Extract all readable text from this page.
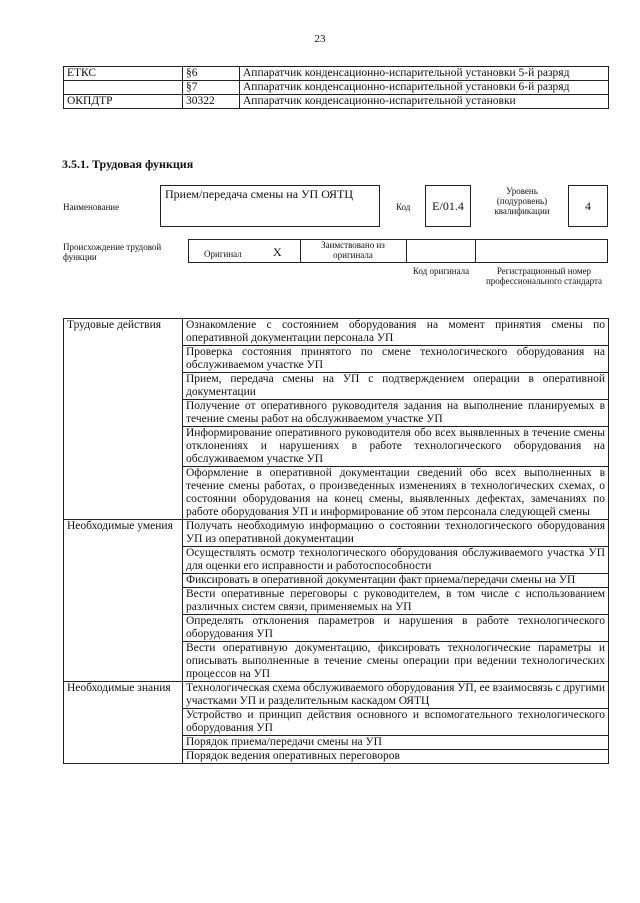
23
ЕТКС	§6	Аппаратчик конденсационно-испарительной установки 5-й разряд
	§7	Аппаратчик конденсационно-испарительной установки 6-й разряд
ОКПДТР	30322	Аппаратчик конденсационно-испарительной установки
3.5.1. Трудовая функция
Наименование
Прием/передача смены на УП ОЯТЦ
Код	E/01.4
Уровень (подуровень) квалификации	4
Происхождение трудовой функции	Оригинал	X	Заимствовано из оригинала
Код оригинала	Регистрационный номер профессионального стандарта
Трудовые действия	Ознакомление с состоянием оборудования на момент принятия смены по оперативной документации персонала УП
	Проверка состояния принятого по смене технологического оборудования на обслуживаемом участке УП
	Прием, передача смены на УП с подтверждением операции в оперативной документации
	Получение от оперативного руководителя задания на выполнение планируемых в течение смены работ на обслуживаемом участке УП
	Информирование оперативного руководителя обо всех выявленных в течение смены отклонениях и нарушениях в работе технологического оборудования на обслуживаемом участке УП
	Оформление в оперативной документации сведений обо всех выполненных в течение смены работах, о произведенных изменениях в технологических схемах, о состоянии оборудования на конец смены, выявленных дефектах, замечаниях по работе оборудования УП и информирование об этом персонала следующей смены
Необходимые умения	Получать необходимую информацию о состоянии технологического оборудования УП из оперативной документации
	Осуществлять осмотр технологического оборудования обслуживаемого участка УП для оценки его исправности и работоспособности
	Фиксировать в оперативной документации факт приема/передачи смены на УП
	Вести оперативные переговоры с руководителем, в том числе с использованием различных систем связи, применяемых на УП
	Определять отклонения параметров и нарушения в работе технологического оборудования УП
	Вести оперативную документацию, фиксировать технологические параметры и описывать выполненные в течение смены операции при ведении технологических процессов на УП
Необходимые знания	Технологическая схема обслуживаемого оборудования УП, ее взаимосвязь с другими участками УП и разделительным каскадом ОЯТЦ
	Устройство и принцип действия основного и вспомогательного технологического оборудования УП
	Порядок приема/передачи смены на УП
	Порядок ведения оперативных переговоров
